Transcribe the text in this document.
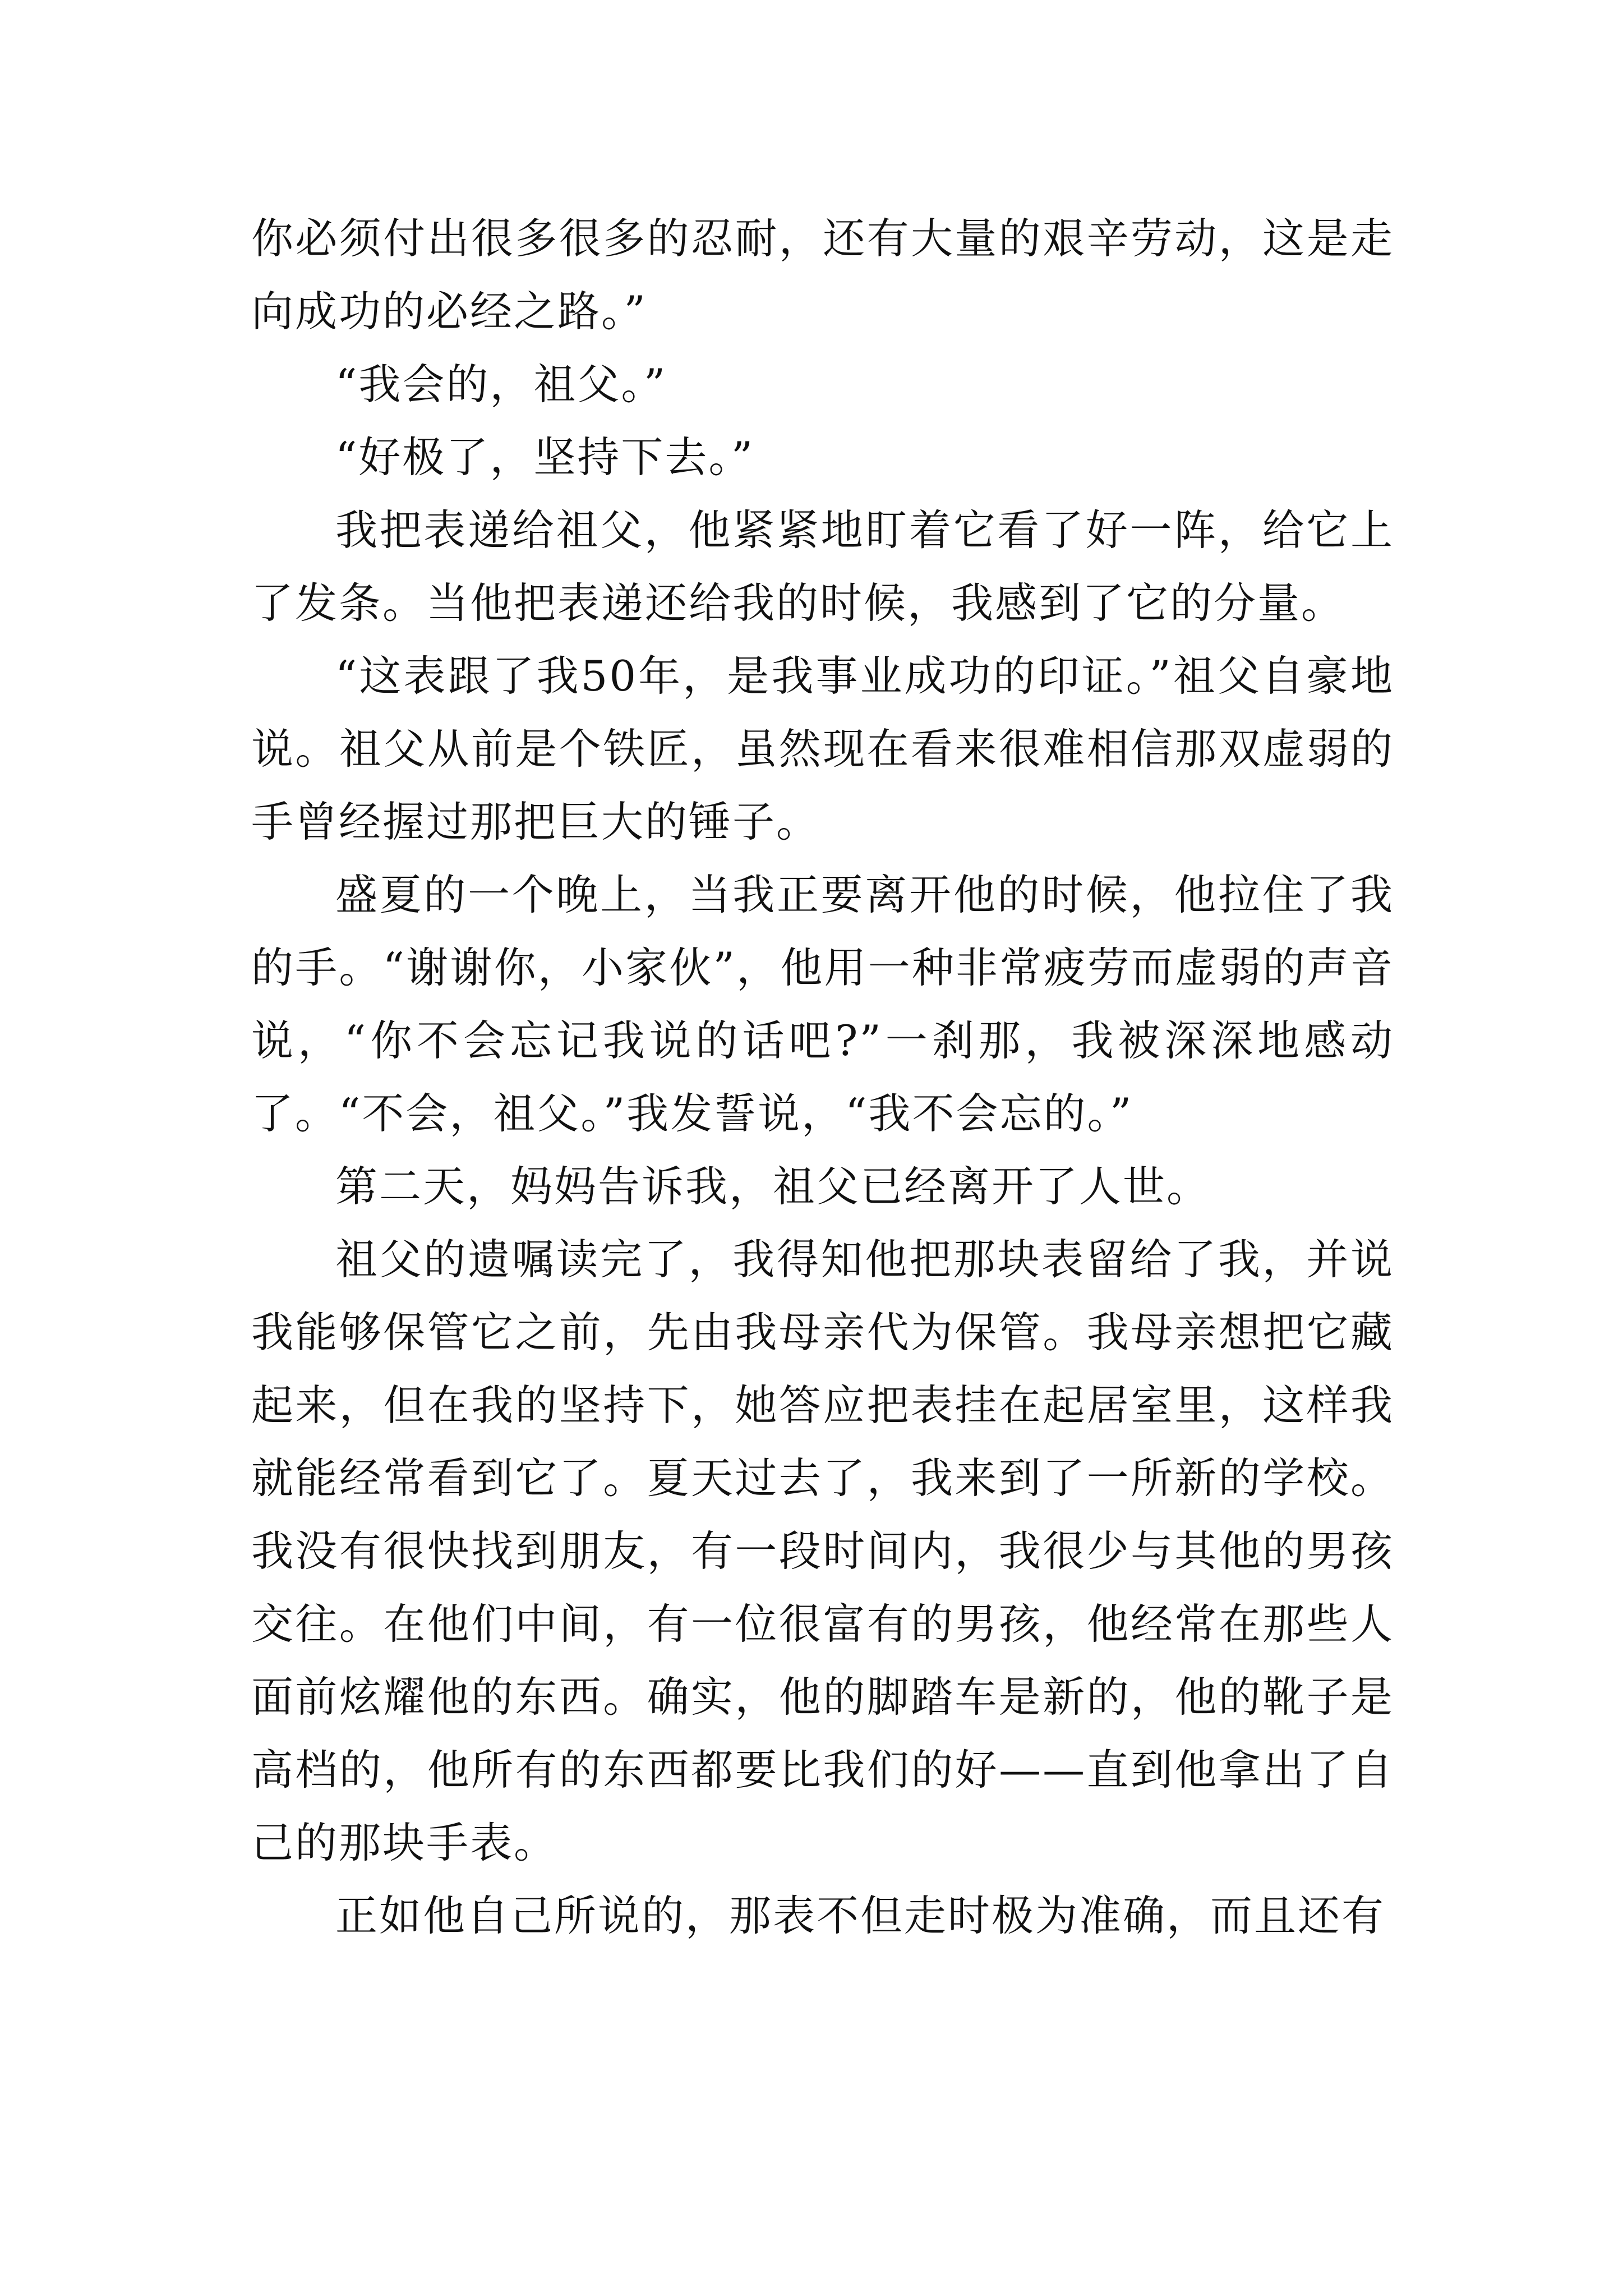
你必须付出很多很多的忍耐，还有大量的艰辛劳动，这是走向成功的必经之路。”

“我会的，祖父。”

“好极了，坚持下去。”

我把表递给祖父，他紧紧地盯着它看了好一阵，给它上了发条。当他把表递还给我的时候，我感到了它的分量。

“这表跟了我50年，是我事业成功的印证。”祖父自豪地说。祖父从前是个铁匠，虽然现在看来很难相信那双虚弱的手曾经握过那把巨大的锤子。

盛夏的一个晚上，当我正要离开他的时候，他拉住了我的手。“谢谢你，小家伙”，他用一种非常疲劳而虚弱的声音说，“你不会忘记我说的话吧?”一刹那，我被深深地感动了。“不会，祖父。”我发誓说，“我不会忘的。”

第二天，妈妈告诉我，祖父已经离开了人世。

祖父的遗嘱读完了，我得知他把那块表留给了我，并说我能够保管它之前，先由我母亲代为保管。我母亲想把它藏起来，但在我的坚持下，她答应把表挂在起居室里，这样我就能经常看到它了。夏天过去了，我来到了一所新的学校。我没有很快找到朋友，有一段时间内，我很少与其他的男孩交往。在他们中间，有一位很富有的男孩，他经常在那些人面前炫耀他的东西。确实，他的脚踏车是新的，他的靴子是高档的，他所有的东西都要比我们的好——直到他拿出了自己的那块手表。

正如他自己所说的，那表不但走时极为准确，而且还有
